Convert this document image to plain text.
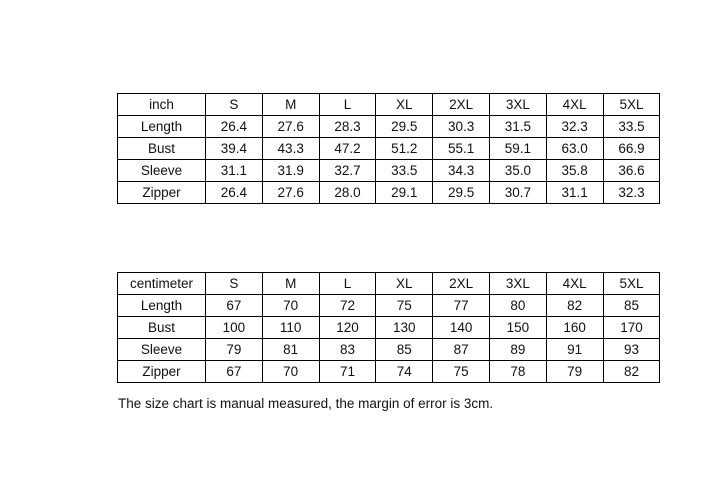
inch	S	M	L	XL	2XL	3XL	4XL	5XL
Length	26.4	27.6	28.3	29.5	30.3	31.5	32.3	33.5
Bust	39.4	43.3	47.2	51.2	55.1	59.1	63.0	66.9
Sleeve	31.1	31.9	32.7	33.5	34.3	35.0	35.8	36.6
Zipper	26.4	27.6	28.0	29.1	29.5	30.7	31.1	32.3
centimeter	S	M	L	XL	2XL	3XL	4XL	5XL
Length	67	70	72	75	77	80	82	85
Bust	100	110	120	130	140	150	160	170
Sleeve	79	81	83	85	87	89	91	93
Zipper	67	70	71	74	75	78	79	82
The size chart is manual measured, the margin of error is 3cm.
